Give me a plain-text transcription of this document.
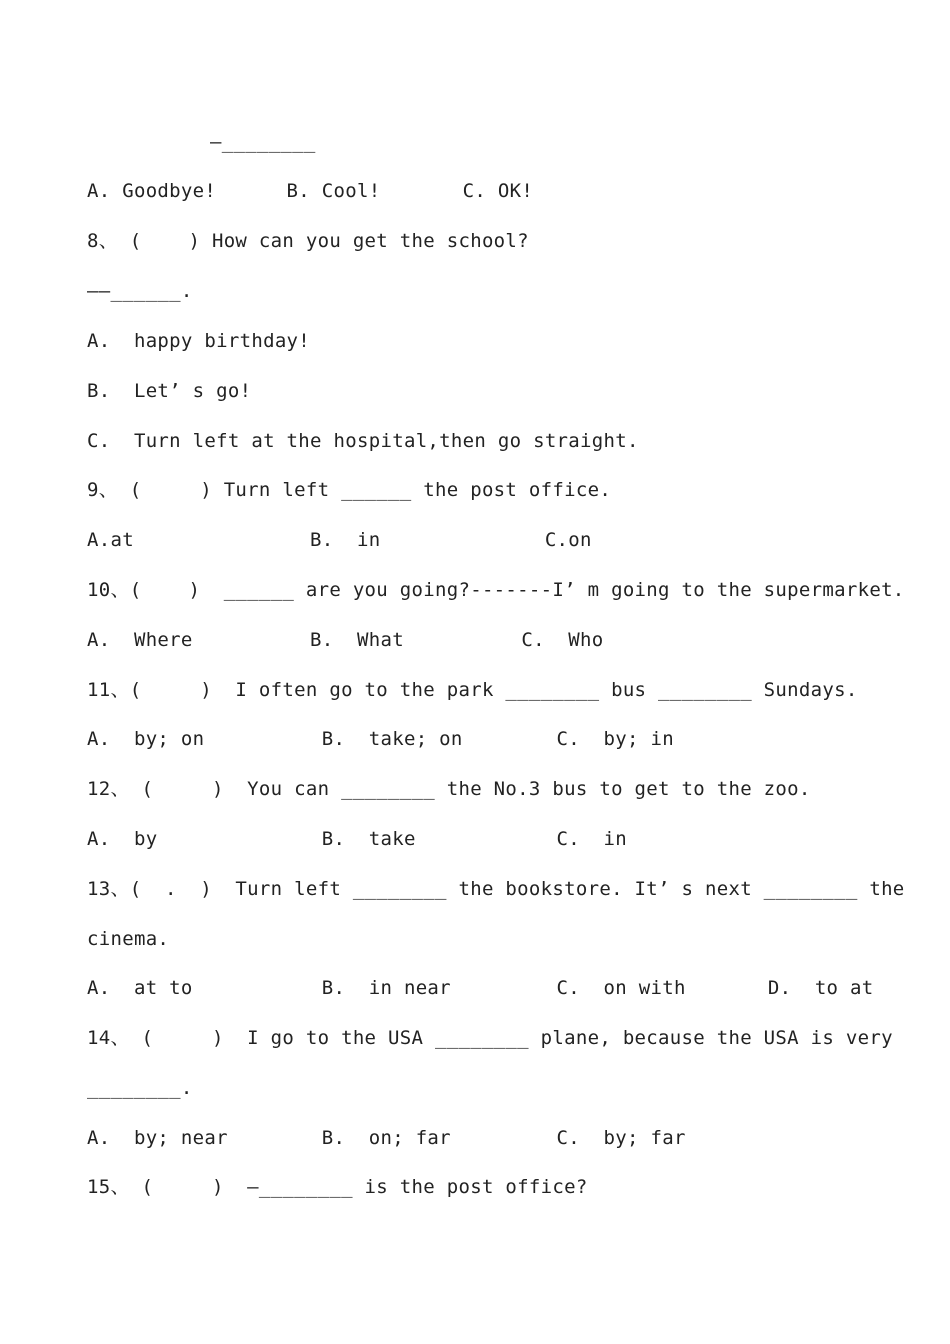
—________
A. Goodbye!      B. Cool!       C. OK!
8、 (    ) How can you get the school?
——______.
A.  happy birthday!
B.  Let’ s go!
C.  Turn left at the hospital,then go straight.
9、 (     ) Turn left ______ the post office.
A.at               B.  in              C.on
10、(    )  ______ are you going?-------I’ m going to the supermarket.
A.  Where          B.  What          C.  Who
11、(     )  I often go to the park ________ bus ________ Sundays.
A.  by; on          B.  take; on        C.  by; in
12、 (     )  You can ________ the No.3 bus to get to the zoo.
A.  by              B.  take            C.  in
13、(  .  )  Turn left ________ the bookstore. It’ s next ________ the
cinema.
A.  at to           B.  in near         C.  on with       D.  to at
14、 (     )  I go to the USA ________ plane, because the USA is very
________.
A.  by; near        B.  on; far         C.  by; far
15、 (     )  —________ is the post office?
